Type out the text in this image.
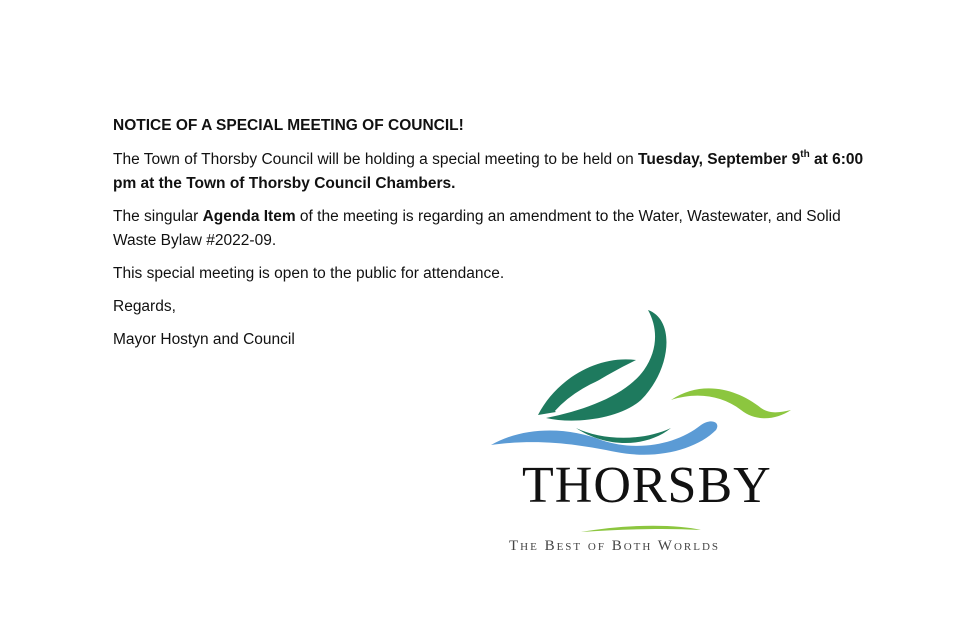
NOTICE OF A SPECIAL MEETING OF COUNCIL!

The Town of Thorsby Council will be holding a special meeting to be held on Tuesday, September 9th at 6:00 pm at the Town of Thorsby Council Chambers.

The singular Agenda Item of the meeting is regarding an amendment to the Water, Wastewater, and Solid Waste Bylaw #2022-09.

This special meeting is open to the public for attendance.

Regards,

Mayor Hostyn and Council

THORSBY
The Best of Both Worlds
